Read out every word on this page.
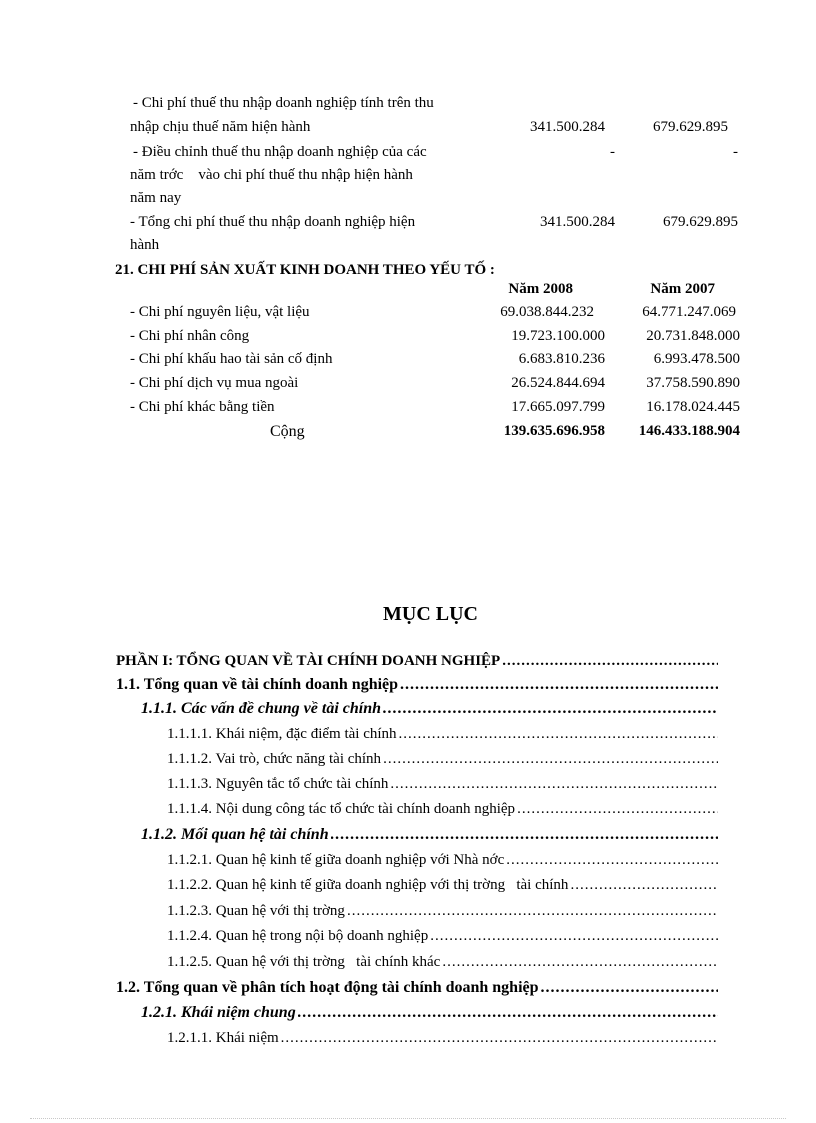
- Chi phí thuế thu nhập doanh nghiệp tính trên thu
nhập chịu thuế năm hiện hành	341.500.284	679.629.895
- Điều chỉnh thuế thu nhập doanh nghiệp của các
năm trớc    vào chi phí thuế thu nhập hiện hành
năm nay
-	-
- Tổng chi phí thuế thu nhập doanh nghiệp hiện
hành
341.500.284	679.629.895
21. CHI PHÍ SẢN XUẤT KINH DOANH THEO YẾU TỐ :
Năm 2008	Năm 2007
- Chi phí nguyên liệu, vật liệu	69.038.844.232	64.771.247.069
- Chi phí nhân công	19.723.100.000	20.731.848.000
- Chi phí khấu hao tài sản cố định	6.683.810.236	6.993.478.500
- Chi phí dịch vụ mua ngoài	26.524.844.694	37.758.590.890
- Chi phí khác bằng tiền	17.665.097.799	16.178.024.445
Cộng	139.635.696.958	146.433.188.904
MỤC LỤC
PHẦN I: TỔNG QUAN VỀ TÀI CHÍNH DOANH NGHIỆP
.....
1.1. Tổng quan về tài chính doanh nghiệp
.....
1.1.1. Các vấn đề chung về tài chính
.....
1.1.1.1. Khái niệm, đặc điểm tài chính
.....
1.1.1.2. Vai trò, chức năng tài chính
.....
1.1.1.3. Nguyên tắc tổ chức tài chính
.....
1.1.1.4. Nội dung công tác tổ chức tài chính doanh nghiệp
.....
1.1.2. Mối quan hệ tài chính
.....
1.1.2.1. Quan hệ kinh tế giữa doanh nghiệp với Nhà nớc
.....
1.1.2.2. Quan hệ kinh tế giữa doanh nghiệp với thị trờng   tài chính
.....
1.1.2.3. Quan hệ với thị trờng
.....
1.1.2.4. Quan hệ trong nội bộ doanh nghiệp
.....
1.1.2.5. Quan hệ với thị trờng   tài chính khác
.....
1.2. Tổng quan về phân tích hoạt động tài chính doanh nghiệp
.....
1.2.1. Khái niệm chung
.....
1.2.1.1. Khái niệm
.....
